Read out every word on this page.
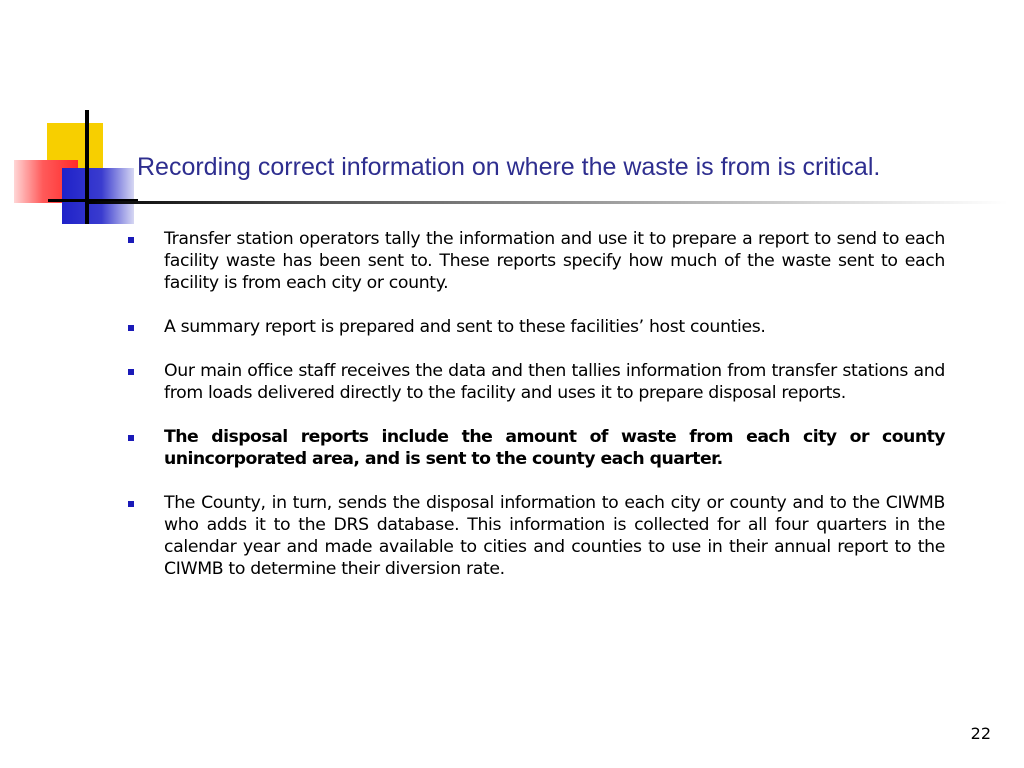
Recording correct information on where the waste is from is critical.
Transfer station operators tally the information and use it to prepare a report to send to each facility waste has been sent to. These reports specify how much of the waste sent to each facility is from each city or county.
A summary report is prepared and sent to these facilities’ host counties.
Our main office staff receives the data and then tallies information from transfer stations and from loads delivered directly to the facility and uses it to prepare disposal reports.
The disposal reports include the amount of waste from each city or county unincorporated area, and is sent to the county each quarter.
The County, in turn, sends the disposal information to each city or county and to the CIWMB who adds it to the DRS database. This information is collected for all four quarters in the calendar year and made available to cities and counties to use in their annual report to the CIWMB to determine their diversion rate.
22
